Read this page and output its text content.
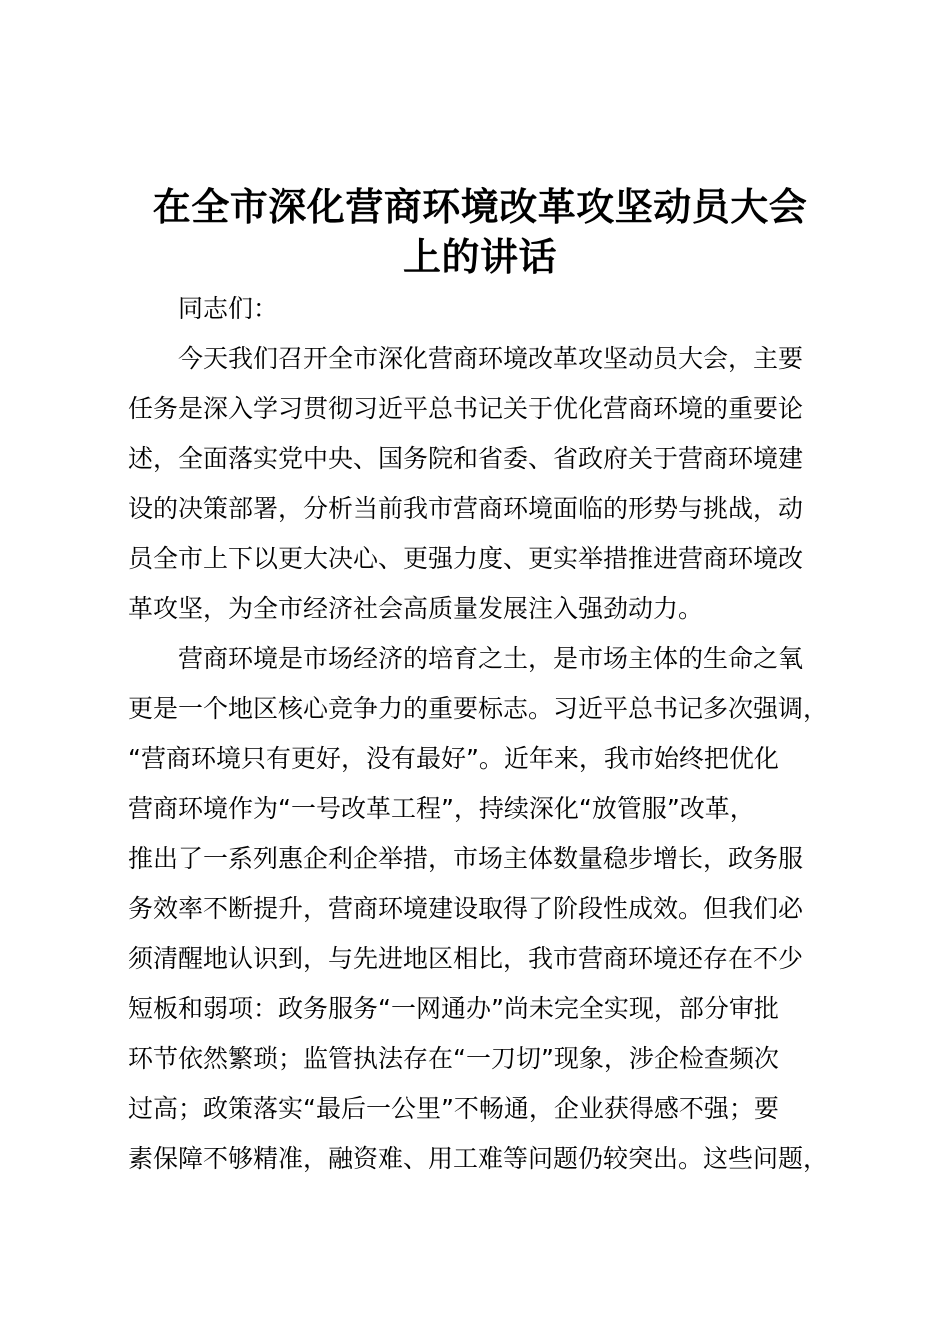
在全市深化营商环境改革攻坚动员大会
上的讲话
同志们：
今天我们召开全市深化营商环境改革攻坚动员大会，主要
任务是深入学习贯彻习近平总书记关于优化营商环境的重要论
述，全面落实党中央、国务院和省委、省政府关于营商环境建
设的决策部署，分析当前我市营商环境面临的形势与挑战，动
员全市上下以更大决心、更强力度、更实举措推进营商环境改
革攻坚，为全市经济社会高质量发展注入强劲动力。
营商环境是市场经济的培育之土，是市场主体的生命之氧
更是一个地区核心竞争力的重要标志。习近平总书记多次强调，
“营商环境只有更好，没有最好”。近年来，我市始终把优化
营商环境作为“一号改革工程”，持续深化“放管服”改革，
推出了一系列惠企利企举措，市场主体数量稳步增长，政务服
务效率不断提升，营商环境建设取得了阶段性成效。但我们必
须清醒地认识到，与先进地区相比，我市营商环境还存在不少
短板和弱项：政务服务“一网通办”尚未完全实现，部分审批
环节依然繁琐；监管执法存在“一刀切”现象，涉企检查频次
过高；政策落实“最后一公里”不畅通，企业获得感不强；要
素保障不够精准，融资难、用工难等问题仍较突出。这些问题，
